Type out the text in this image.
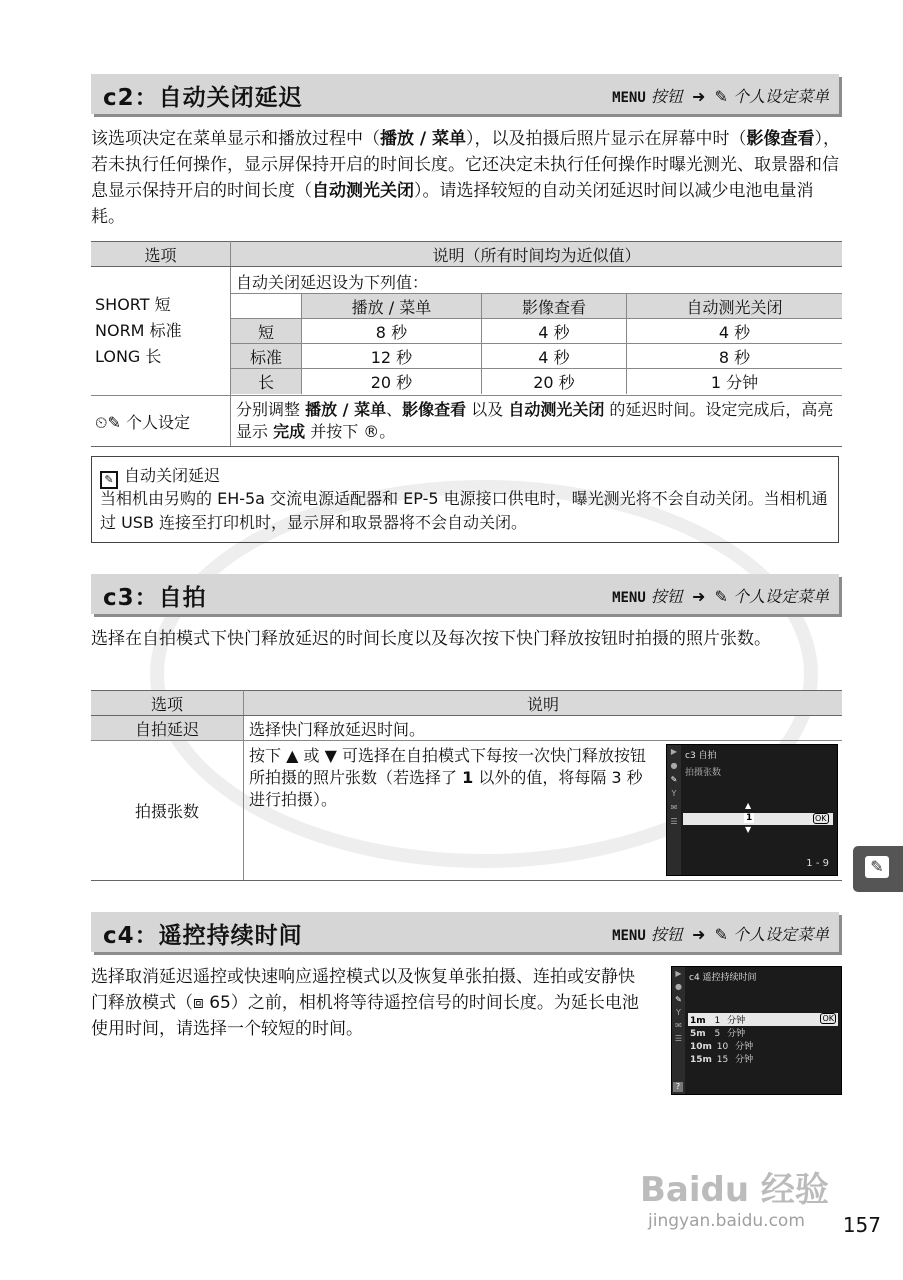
c2：自动关闭延迟	MENU 按钮 ➜ ✎ 个人设定菜单
该选项决定在菜单显示和播放过程中（播放 / 菜单），以及拍摄后照片显示在屏幕中时（影像查看），若未执行任何操作，显示屏保持开启的时间长度。它还决定未执行任何操作时曝光测光、取景器和信息显示保持开启的时间长度（自动测光关闭）。请选择较短的自动关闭延迟时间以减少电池电量消耗。
选项	说明（所有时间均为近似值）

SHORT 短
NORM 标准
LONG 长

自动关闭延迟设为下列值：
	播放 / 菜单	影像查看	自动测光关闭
短	8 秒	4 秒	4 秒
标准	12 秒	4 秒	8 秒
长	20 秒	20 秒	1 分钟

⏲✎ 个人设定	分别调整 播放 / 菜单、影像查看 以及 自动测光关闭 的延迟时间。设定完成后，高亮显示 完成 并按下 ®。
✎ 自动关闭延迟
当相机由另购的 EH-5a 交流电源适配器和 EP-5 电源接口供电时，曝光测光将不会自动关闭。当相机通过 USB 连接至打印机时，显示屏和取景器将不会自动关闭。
c3：自拍	MENU 按钮 ➜ ✎ 个人设定菜单
选择在自拍模式下快门释放延迟的时间长度以及每次按下快门释放按钮时拍摄的照片张数。
选项	说明
自拍延迟	选择快门释放延迟时间。
拍摄张数	按下 ▲ 或 ▼ 可选择在自拍模式下每按一次快门释放按钮所拍摄的照片张数（若选择了 1 以外的值，将每隔 3 秒进行拍摄）。
▶
●
✎
Y
✉
☰
c3 自拍
拍摄张数
▲
1
▼
OK
1 - 9	✎
c4：遥控持续时间	MENU 按钮 ➜ ✎ 个人设定菜单
选择取消延迟遥控或快速响应遥控模式以及恢复单张拍摄、连拍或安静快门释放模式（⧈ 65）之前，相机将等待遥控信号的时间长度。为延长电池使用时间，请选择一个较短的时间。
▶
●
✎
Y
✉
☰
?
c4 遥控持续时间
1m 1 分钟	OK
5m 5 分钟
10m 10 分钟
15m 15 分钟
Baidu 经验
jingyan.baidu.com 157
